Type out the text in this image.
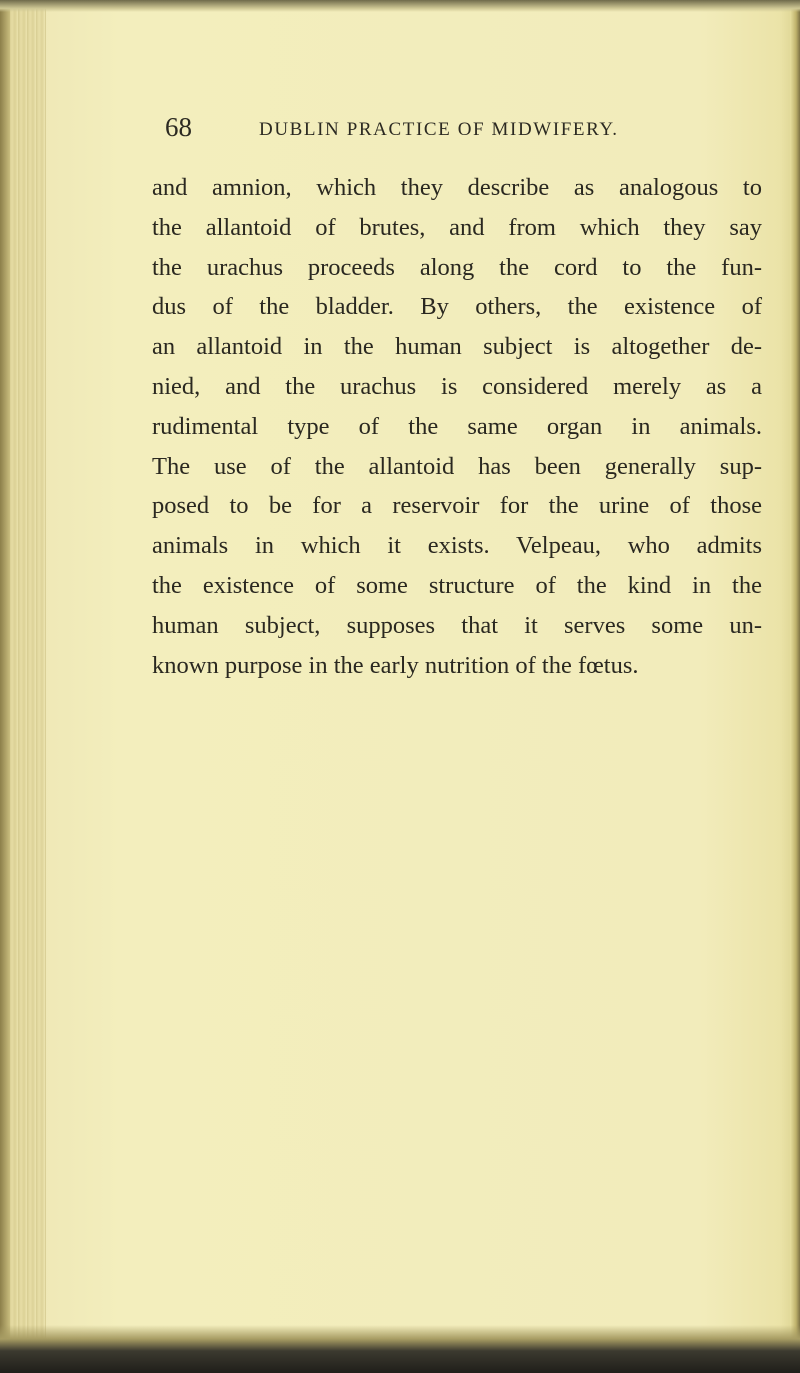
68	DUBLIN PRACTICE OF MIDWIFERY.
and amnion, which they describe as analogous to
the allantoid of brutes, and from which they say
the urachus proceeds along the cord to the fun-
dus of the bladder. By others, the existence of
an allantoid in the human subject is altogether de-
nied, and the urachus is considered merely as a
rudimental type of the same organ in animals.
The use of the allantoid has been generally sup-
posed to be for a reservoir for the urine of those
animals in which it exists. Velpeau, who admits
the existence of some structure of the kind in the
human subject, supposes that it serves some un-
known purpose in the early nutrition of the fœtus.
